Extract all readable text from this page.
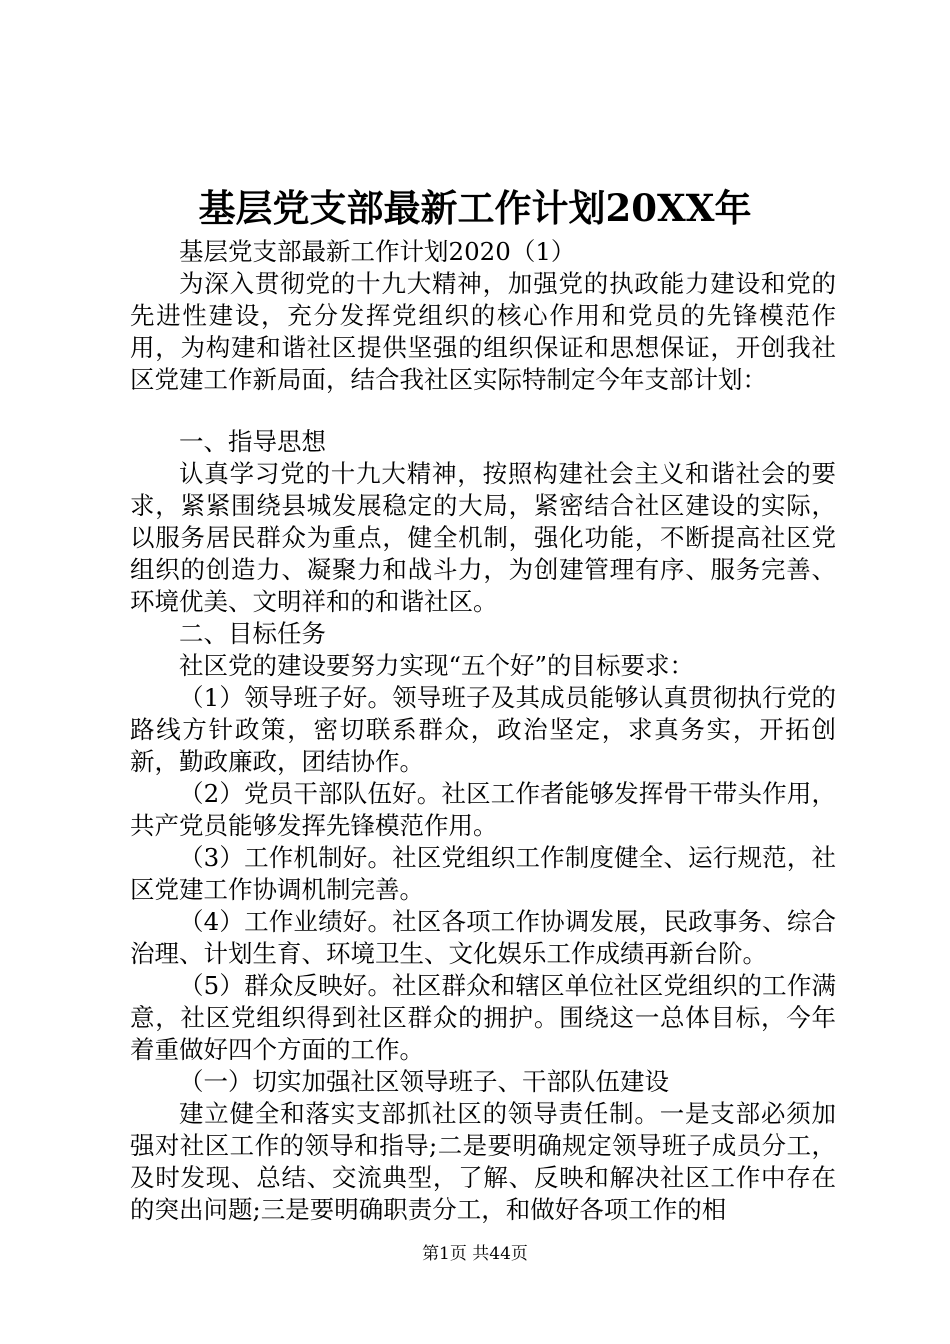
基层党支部最新工作计划20XX年

基层党支部最新工作计划2020（1）

为深入贯彻党的十九大精神，加强党的执政能力建设和党的先进性建设，充分发挥党组织的核心作用和党员的先锋模范作用，为构建和谐社区提供坚强的组织保证和思想保证，开创我社区党建工作新局面，结合我社区实际特制定今年支部计划：

一、指导思想

认真学习党的十九大精神，按照构建社会主义和谐社会的要求，紧紧围绕县城发展稳定的大局，紧密结合社区建设的实际，以服务居民群众为重点，健全机制，强化功能，不断提高社区党组织的创造力、凝聚力和战斗力，为创建管理有序、服务完善、环境优美、文明祥和的和谐社区。

二、目标任务

社区党的建设要努力实现“五个好”的目标要求：

（1）领导班子好。领导班子及其成员能够认真贯彻执行党的路线方针政策，密切联系群众，政治坚定，求真务实，开拓创新，勤政廉政，团结协作。

（2）党员干部队伍好。社区工作者能够发挥骨干带头作用，共产党员能够发挥先锋模范作用。

（3）工作机制好。社区党组织工作制度健全、运行规范，社区党建工作协调机制完善。

（4）工作业绩好。社区各项工作协调发展，民政事务、综合治理、计划生育、环境卫生、文化娱乐工作成绩再新台阶。

（5）群众反映好。社区群众和辖区单位社区党组织的工作满意，社区党组织得到社区群众的拥护。围绕这一总体目标，今年着重做好四个方面的工作。

（一）切实加强社区领导班子、干部队伍建设

建立健全和落实支部抓社区的领导责任制。一是支部必须加强对社区工作的领导和指导;二是要明确规定领导班子成员分工，及时发现、总结、交流典型，了解、反映和解决社区工作中存在的突出问题;三是要明确职责分工，和做好各项工作的相

第1页 共44页
